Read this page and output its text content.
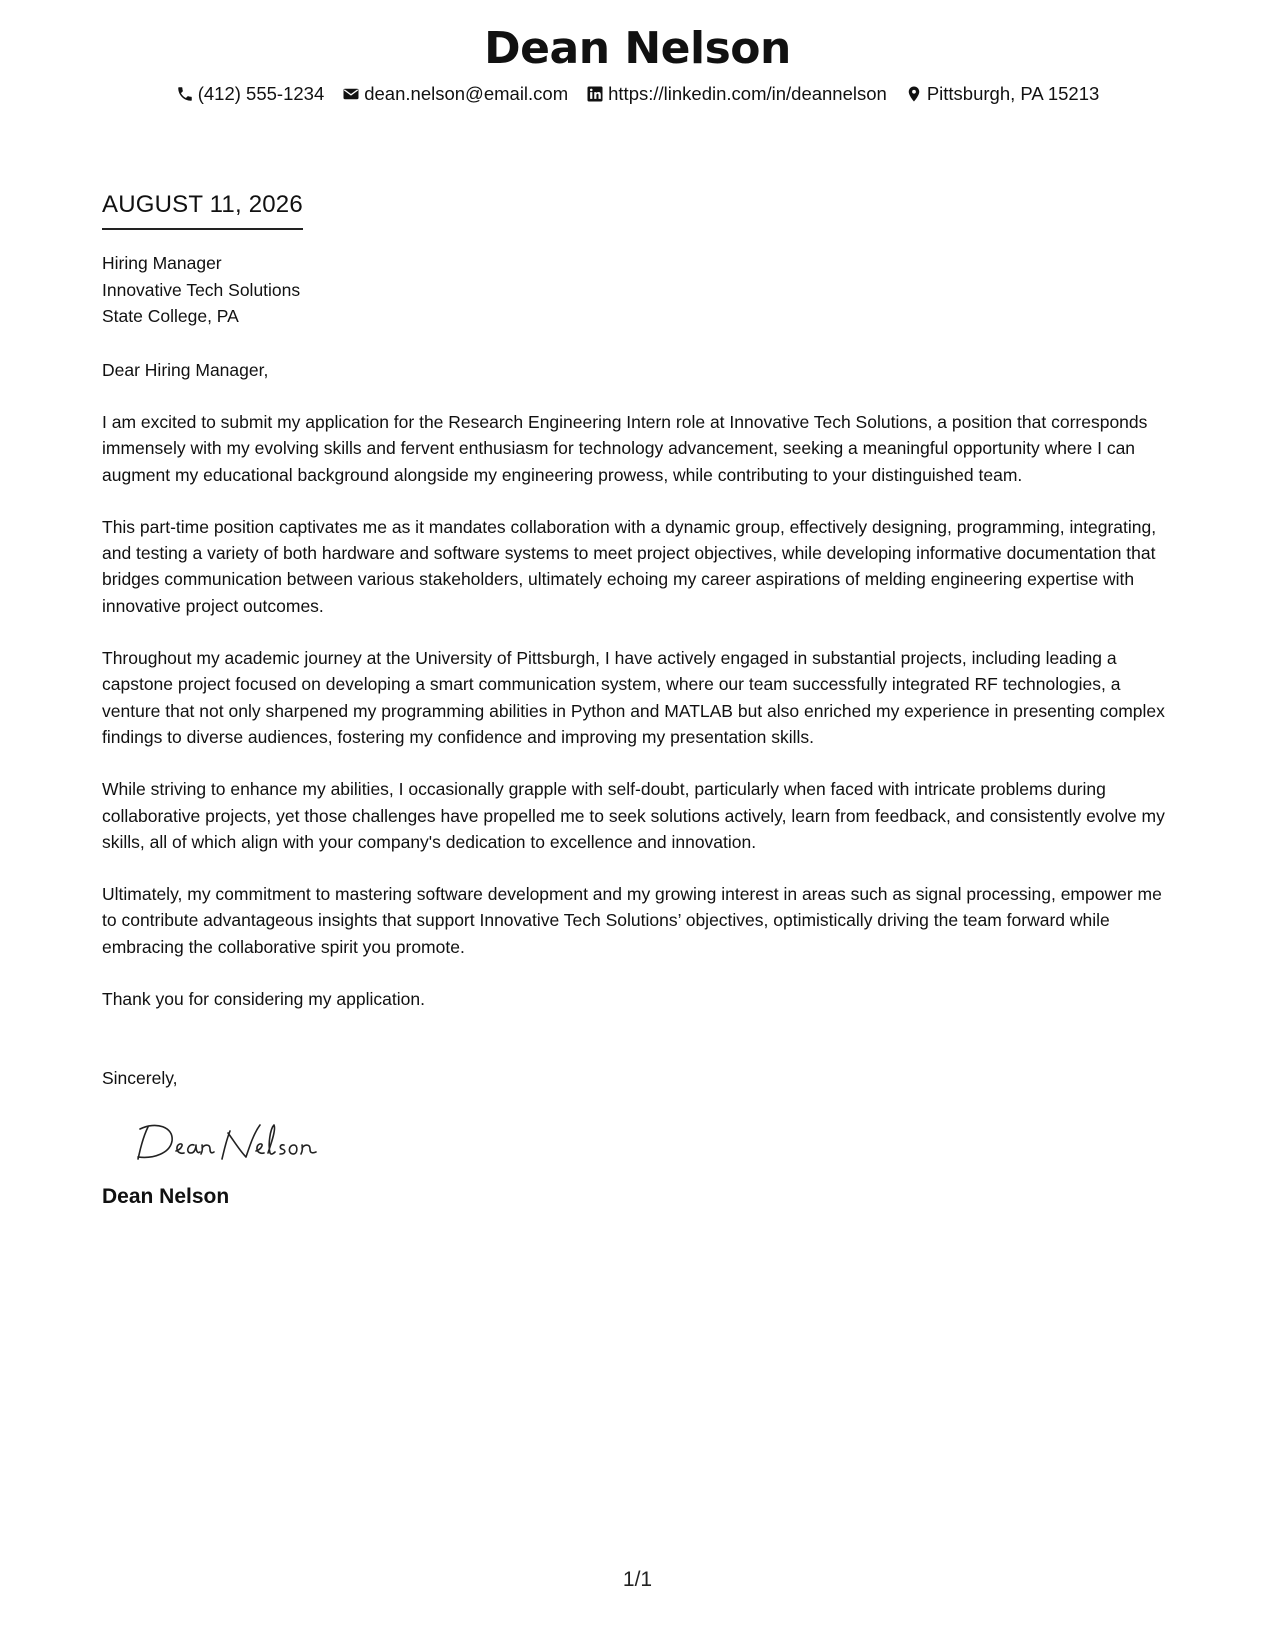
Dean Nelson
(412) 555-1234 dean.nelson@email.com https://linkedin.com/in/deannelson Pittsburgh, PA 15213
AUGUST 11, 2026
Hiring Manager
Innovative Tech Solutions
State College, PA
Dear Hiring Manager,

I am excited to submit my application for the Research Engineering Intern role at Innovative Tech Solutions, a position that corresponds immensely with my evolving skills and fervent enthusiasm for technology advancement, seeking a meaningful opportunity where I can augment my educational background alongside my engineering prowess, while contributing to your distinguished team.

This part-time position captivates me as it mandates collaboration with a dynamic group, effectively designing, programming, integrating, and testing a variety of both hardware and software systems to meet project objectives, while developing informative documentation that bridges communication between various stakeholders, ultimately echoing my career aspirations of melding engineering expertise with innovative project outcomes.

Throughout my academic journey at the University of Pittsburgh, I have actively engaged in substantial projects, including leading a capstone project focused on developing a smart communication system, where our team successfully integrated RF technologies, a venture that not only sharpened my programming abilities in Python and MATLAB but also enriched my experience in presenting complex findings to diverse audiences, fostering my confidence and improving my presentation skills.

While striving to enhance my abilities, I occasionally grapple with self-doubt, particularly when faced with intricate problems during collaborative projects, yet those challenges have propelled me to seek solutions actively, learn from feedback, and consistently evolve my skills, all of which align with your company's dedication to excellence and innovation.

Ultimately, my commitment to mastering software development and my growing interest in areas such as signal processing, empower me to contribute advantageous insights that support Innovative Tech Solutions’ objectives, optimistically driving the team forward while embracing the collaborative spirit you promote.

Thank you for considering my application.
Sincerely,
Dean Nelson
1/1
